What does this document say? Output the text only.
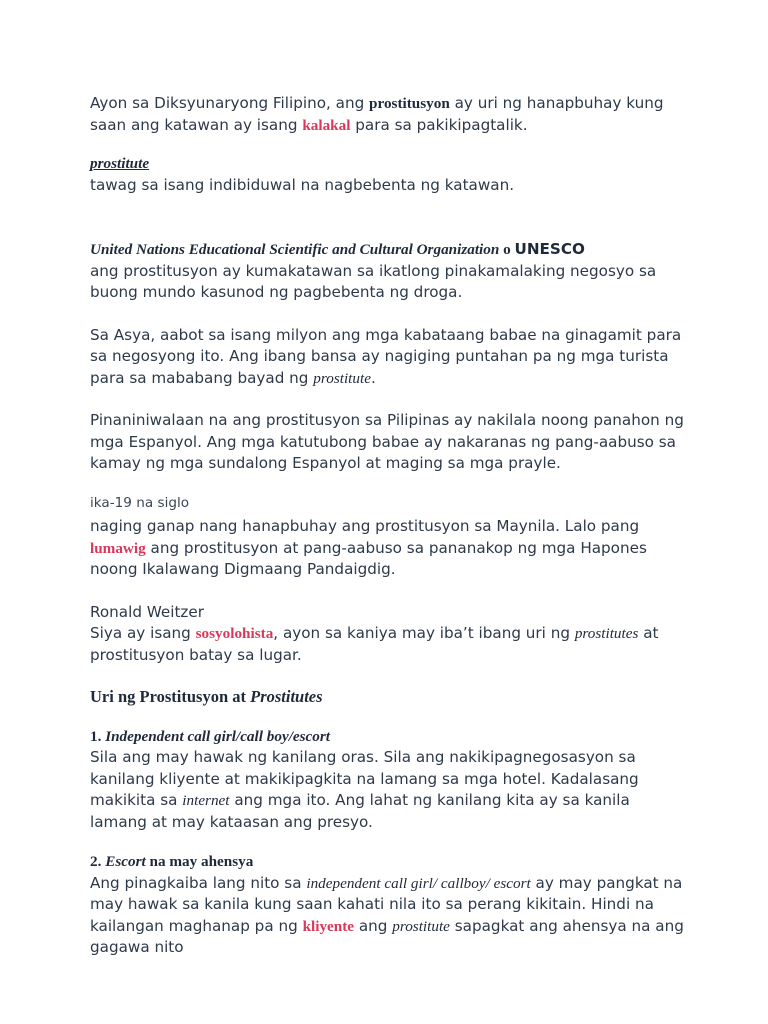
Ayon sa Diksyunaryong Filipino, ang prostitusyon ay uri ng hanapbuhay kung saan ang katawan ay isang kalakal para sa pakikipagtalik.

prostitute

tawag sa isang indibiduwal na nagbebenta ng katawan.

United Nations Educational Scientific and Cultural Organization o UNESCO

ang prostitusyon ay kumakatawan sa ikatlong pinakamalaking negosyo sa buong mundo kasunod ng pagbebenta ng droga.

Sa Asya, aabot sa isang milyon ang mga kabataang babae na ginagamit para sa negosyong ito. Ang ibang bansa ay nagiging puntahan pa ng mga turista para sa mababang bayad ng prostitute.

Pinaniniwalaan na ang prostitusyon sa Pilipinas ay nakilala noong panahon ng mga Espanyol. Ang mga katutubong babae ay nakaranas ng pang-aabuso sa kamay ng mga sundalong Espanyol at maging sa mga prayle.

ika-19 na siglo

naging ganap nang hanapbuhay ang prostitusyon sa Maynila. Lalo pang lumawig ang prostitusyon at pang-aabuso sa pananakop ng mga Hapones noong Ikalawang Digmaang Pandaigdig.

Ronald Weitzer

Siya ay isang sosyolohista, ayon sa kaniya may iba’t ibang uri ng prostitutes at prostitusyon batay sa lugar.

Uri ng Prostitusyon at Prostitutes

1. Independent call girl/call boy/escort

Sila ang may hawak ng kanilang oras. Sila ang nakikipagnegosasyon sa kanilang kliyente at makikipagkita na lamang sa mga hotel. Kadalasang makikita sa internet ang mga ito. Ang lahat ng kanilang kita ay sa kanila lamang at may kataasan ang presyo.

2. Escort na may ahensya

Ang pinagkaiba lang nito sa independent call girl/ callboy/ escort ay may pangkat na may hawak sa kanila kung saan kahati nila ito sa perang kikitain. Hindi na kailangan maghanap pa ng kliyente ang prostitute sapagkat ang ahensya na ang gagawa nito
